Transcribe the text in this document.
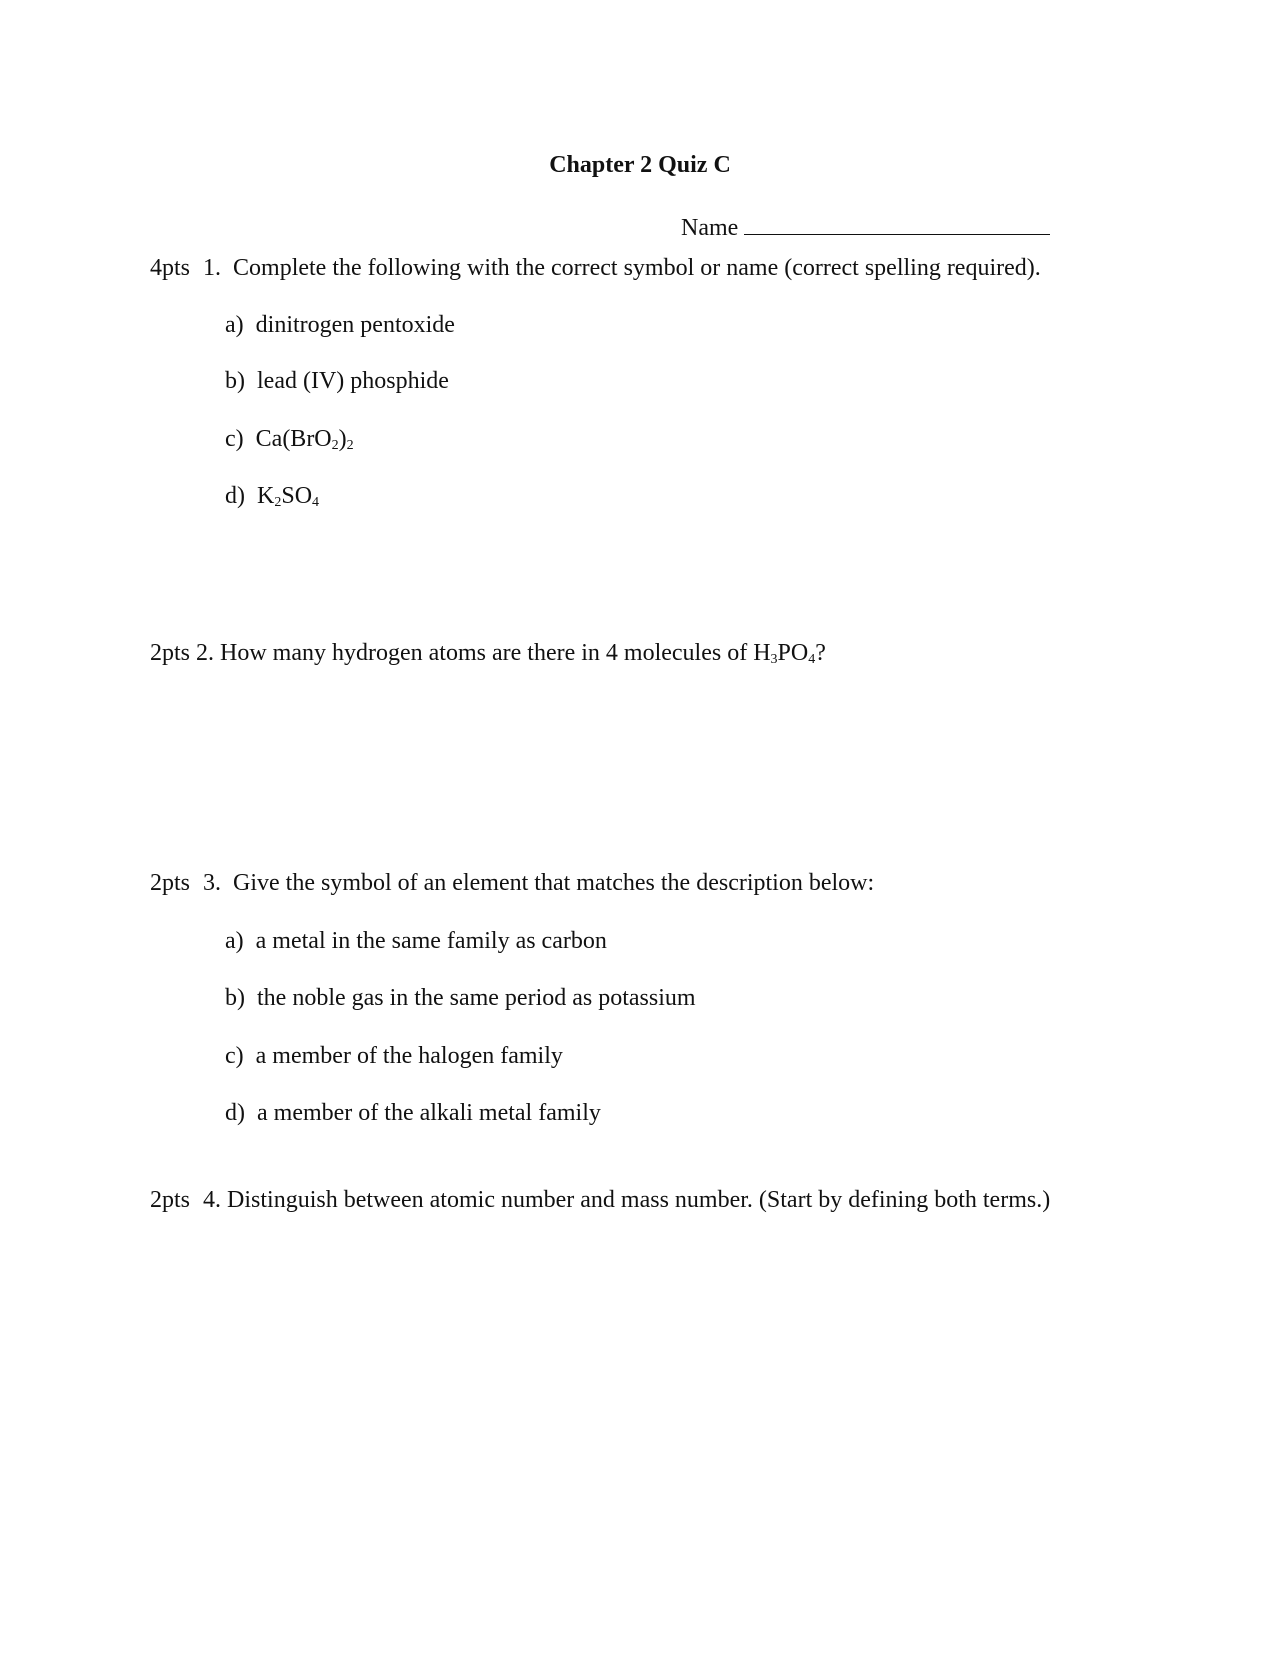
Chapter 2 Quiz C
Name
4pts 1. Complete the following with the correct symbol or name (correct spelling required).
a) dinitrogen pentoxide
b) lead (IV) phosphide
c) $Ca(BrO_2)_2$
d) $K_2SO_4$
2pts 2. How many hydrogen atoms are there in 4 molecules of $H_3PO_4$?
2pts 3. Give the symbol of an element that matches the description below:
a) a metal in the same family as carbon
b) the noble gas in the same period as potassium
c) a member of the halogen family
d) a member of the alkali metal family
2pts 4. Distinguish between atomic number and mass number. (Start by defining both terms.)
